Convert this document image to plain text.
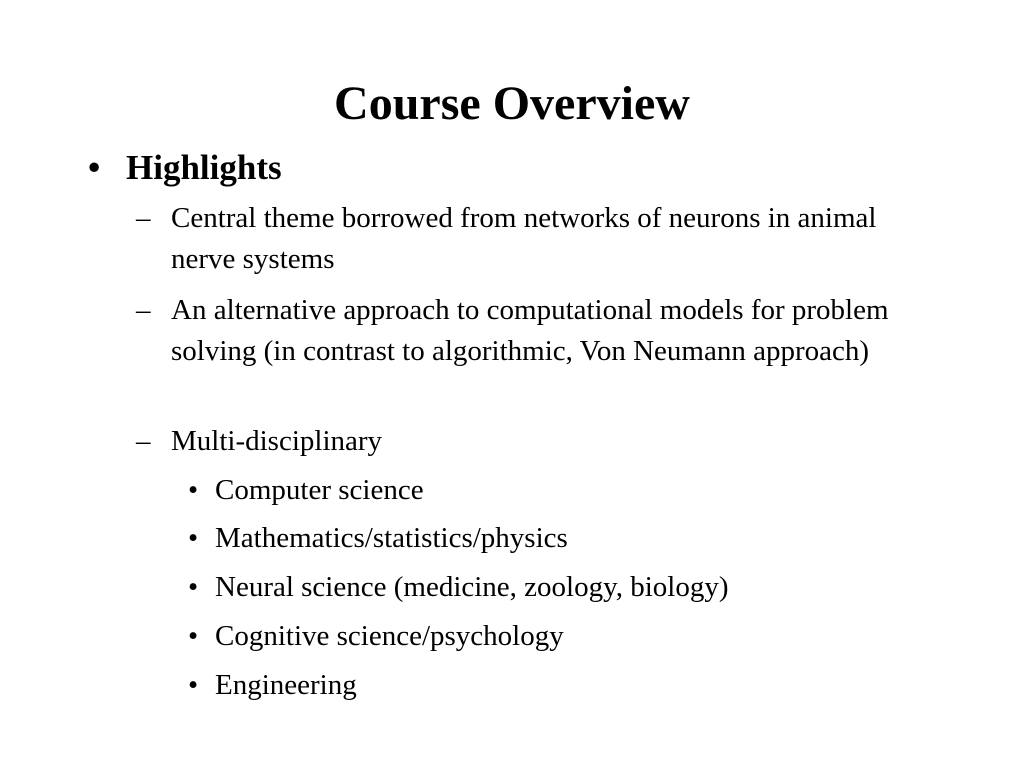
Course Overview
• Highlights
– Central theme borrowed from networks of neurons in animal nerve systems
– An alternative approach to computational models for problem solving (in contrast to algorithmic, Von Neumann approach)
– Multi-disciplinary
• Computer science
• Mathematics/statistics/physics
• Neural science (medicine, zoology, biology)
• Cognitive science/psychology
• Engineering
